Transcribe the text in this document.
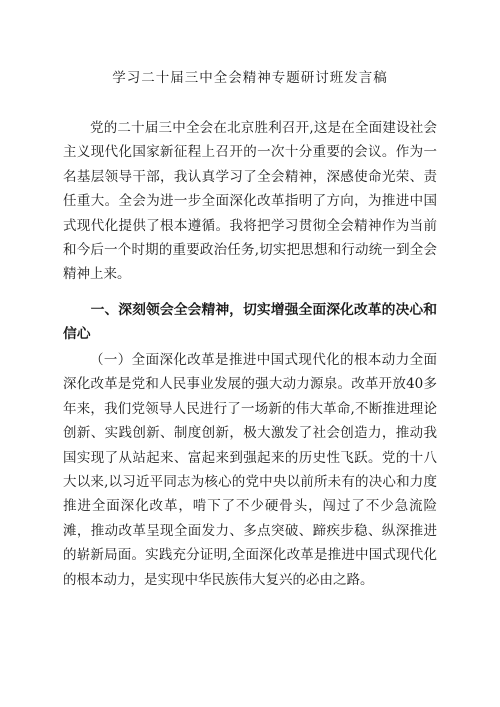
学习二十届三中全会精神专题研讨班发言稿

党的二十届三中全会在北京胜利召开,这是在全面建设社会主义现代化国家新征程上召开的一次十分重要的会议。作为一名基层领导干部，我认真学习了全会精神，深感使命光荣、责任重大。全会为进一步全面深化改革指明了方向，为推进中国式现代化提供了根本遵循。我将把学习贯彻全会精神作为当前和今后一个时期的重要政治任务,切实把思想和行动统一到全会精神上来。

一、深刻领会全会精神，切实增强全面深化改革的决心和信心

（一）全面深化改革是推进中国式现代化的根本动力全面深化改革是党和人民事业发展的强大动力源泉。改革开放40多年来，我们党领导人民进行了一场新的伟大革命,不断推进理论创新、实践创新、制度创新，极大激发了社会创造力，推动我国实现了从站起来、富起来到强起来的历史性飞跃。党的十八大以来,以习近平同志为核心的党中央以前所未有的决心和力度推进全面深化改革，啃下了不少硬骨头，闯过了不少急流险滩，推动改革呈现全面发力、多点突破、蹄疾步稳、纵深推进的崭新局面。实践充分证明,全面深化改革是推进中国式现代化的根本动力，是实现中华民族伟大复兴的必由之路。
